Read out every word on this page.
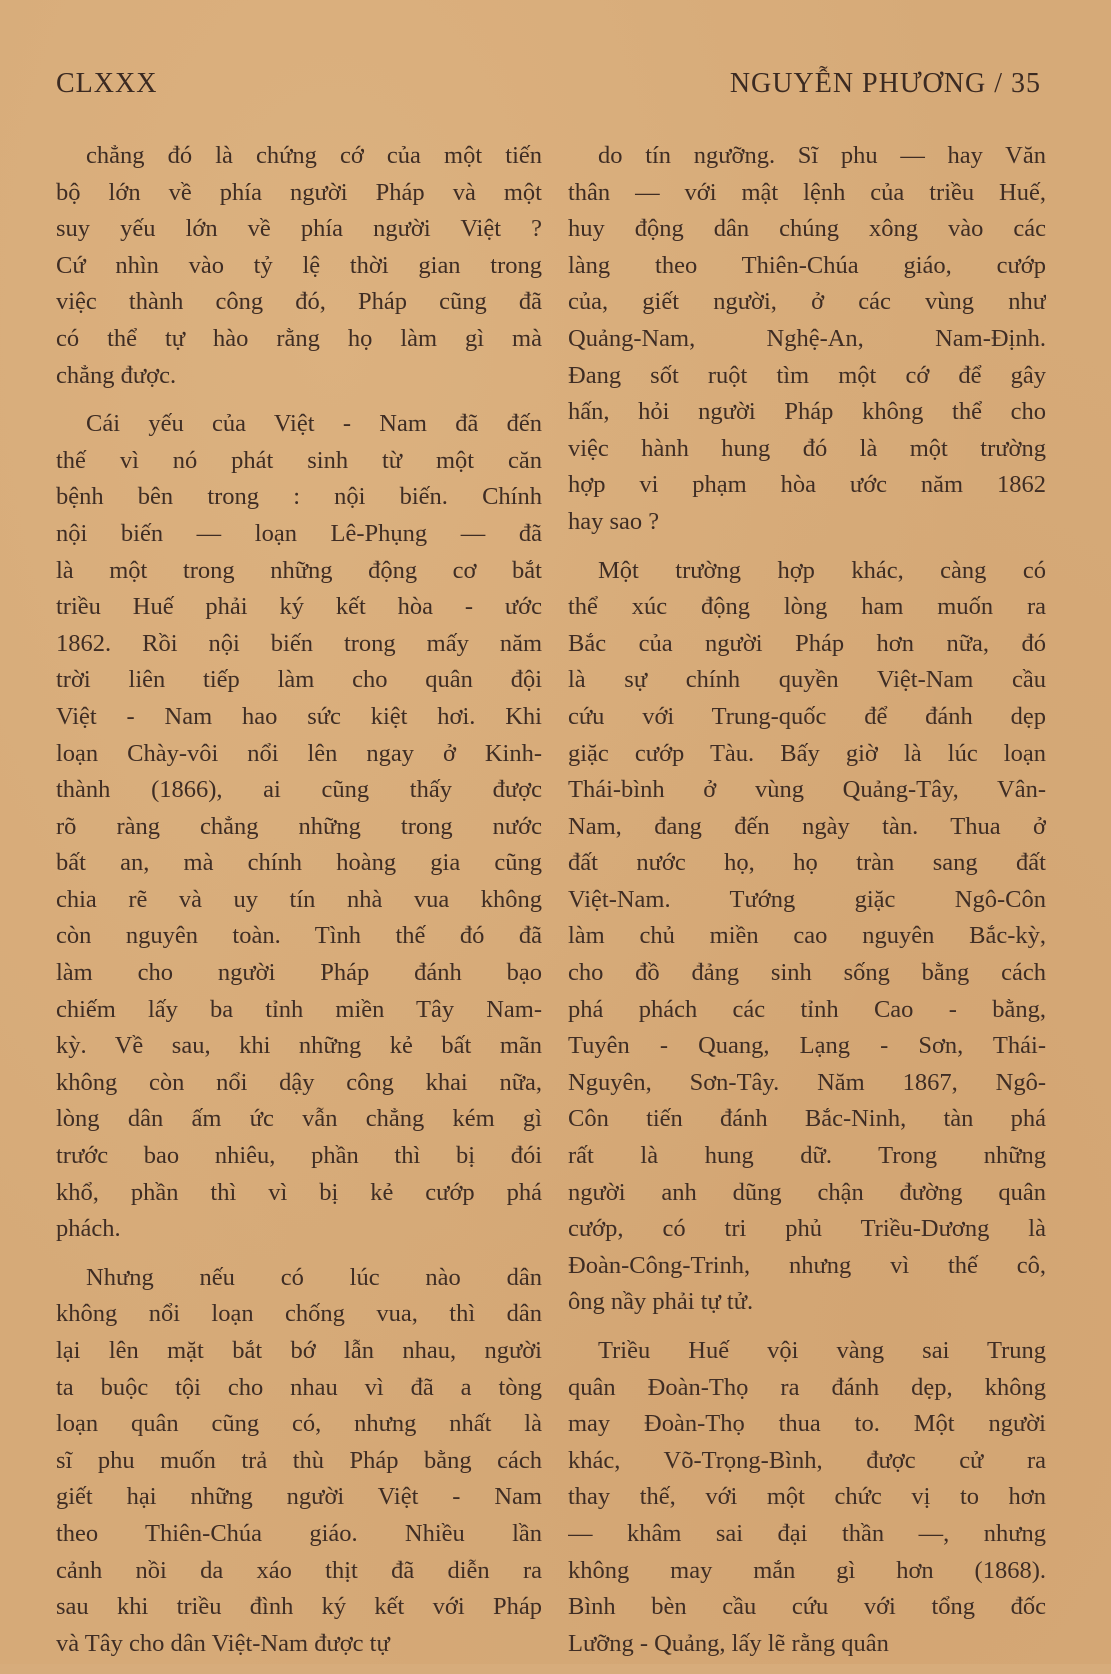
CLXXX	NGUYỄN PHƯƠNG / 35
chẳng đó là chứng cớ của một tiến
bộ lớn về phía người Pháp và một
suy yếu lớn về phía người Việt ?
Cứ nhìn vào tỷ lệ thời gian trong
việc thành công đó, Pháp cũng đã
có thể tự hào rằng họ làm gì mà
chẳng được.
Cái yếu của Việt - Nam đã đến
thế vì nó phát sinh từ một căn
bệnh bên trong : nội biến. Chính
nội biến — loạn Lê-Phụng — đã
là một trong những động cơ bắt
triều Huế phải ký kết hòa - ước
1862. Rồi nội biến trong mấy năm
trời liên tiếp làm cho quân đội
Việt - Nam hao sức kiệt hơi. Khi
loạn Chày-vôi nổi lên ngay ở Kinh-
thành (1866), ai cũng thấy được
rõ ràng chẳng những trong nước
bất an, mà chính hoàng gia cũng
chia rẽ và uy tín nhà vua không
còn nguyên toàn. Tình thế đó đã
làm cho người Pháp đánh bạo
chiếm lấy ba tỉnh miền Tây Nam-
kỳ. Về sau, khi những kẻ bất mãn
không còn nổi dậy công khai nữa,
lòng dân ấm ức vẫn chẳng kém gì
trước bao nhiêu, phần thì bị đói
khổ, phần thì vì bị kẻ cướp phá
phách.
Nhưng nếu có lúc nào dân
không nổi loạn chống vua, thì dân
lại lên mặt bắt bớ lẫn nhau, người
ta buộc tội cho nhau vì đã a tòng
loạn quân cũng có, nhưng nhất là
sĩ phu muốn trả thù Pháp bằng cách
giết hại những người Việt - Nam
theo Thiên-Chúa giáo. Nhiều lần
cảnh nồi da xáo thịt đã diễn ra
sau khi triều đình ký kết với Pháp
và Tây cho dân Việt-Nam được tự
do tín ngưỡng. Sĩ phu — hay Văn
thân — với mật lệnh của triều Huế,
huy động dân chúng xông vào các
làng theo Thiên-Chúa giáo, cướp
của, giết người, ở các vùng như
Quảng-Nam, Nghệ-An, Nam-Định.
Đang sốt ruột tìm một cớ để gây
hấn, hỏi người Pháp không thể cho
việc hành hung đó là một trường
hợp vi phạm hòa ước năm 1862
hay sao ?
Một trường hợp khác, càng có
thể xúc động lòng ham muốn ra
Bắc của người Pháp hơn nữa, đó
là sự chính quyền Việt-Nam cầu
cứu với Trung-quốc để đánh dẹp
giặc cướp Tàu. Bấy giờ là lúc loạn
Thái-bình ở vùng Quảng-Tây, Vân-
Nam, đang đến ngày tàn. Thua ở
đất nước họ, họ tràn sang đất
Việt-Nam. Tướng giặc Ngô-Côn
làm chủ miền cao nguyên Bắc-kỳ,
cho đồ đảng sinh sống bằng cách
phá phách các tỉnh Cao - bằng,
Tuyên - Quang, Lạng - Sơn, Thái-
Nguyên, Sơn-Tây. Năm 1867, Ngô-
Côn tiến đánh Bắc-Ninh, tàn phá
rất là hung dữ. Trong những
người anh dũng chận đường quân
cướp, có tri phủ Triều-Dương là
Đoàn-Công-Trinh, nhưng vì thế cô,
ông nầy phải tự tử.
Triều Huế vội vàng sai Trung
quân Đoàn-Thọ ra đánh dẹp, không
may Đoàn-Thọ thua to. Một người
khác, Võ-Trọng-Bình, được cử ra
thay thế, với một chức vị to hơn
— khâm sai đại thần —, nhưng
không may mắn gì hơn (1868).
Bình bèn cầu cứu với tổng đốc
Lưỡng - Quảng, lấy lẽ rằng quân
